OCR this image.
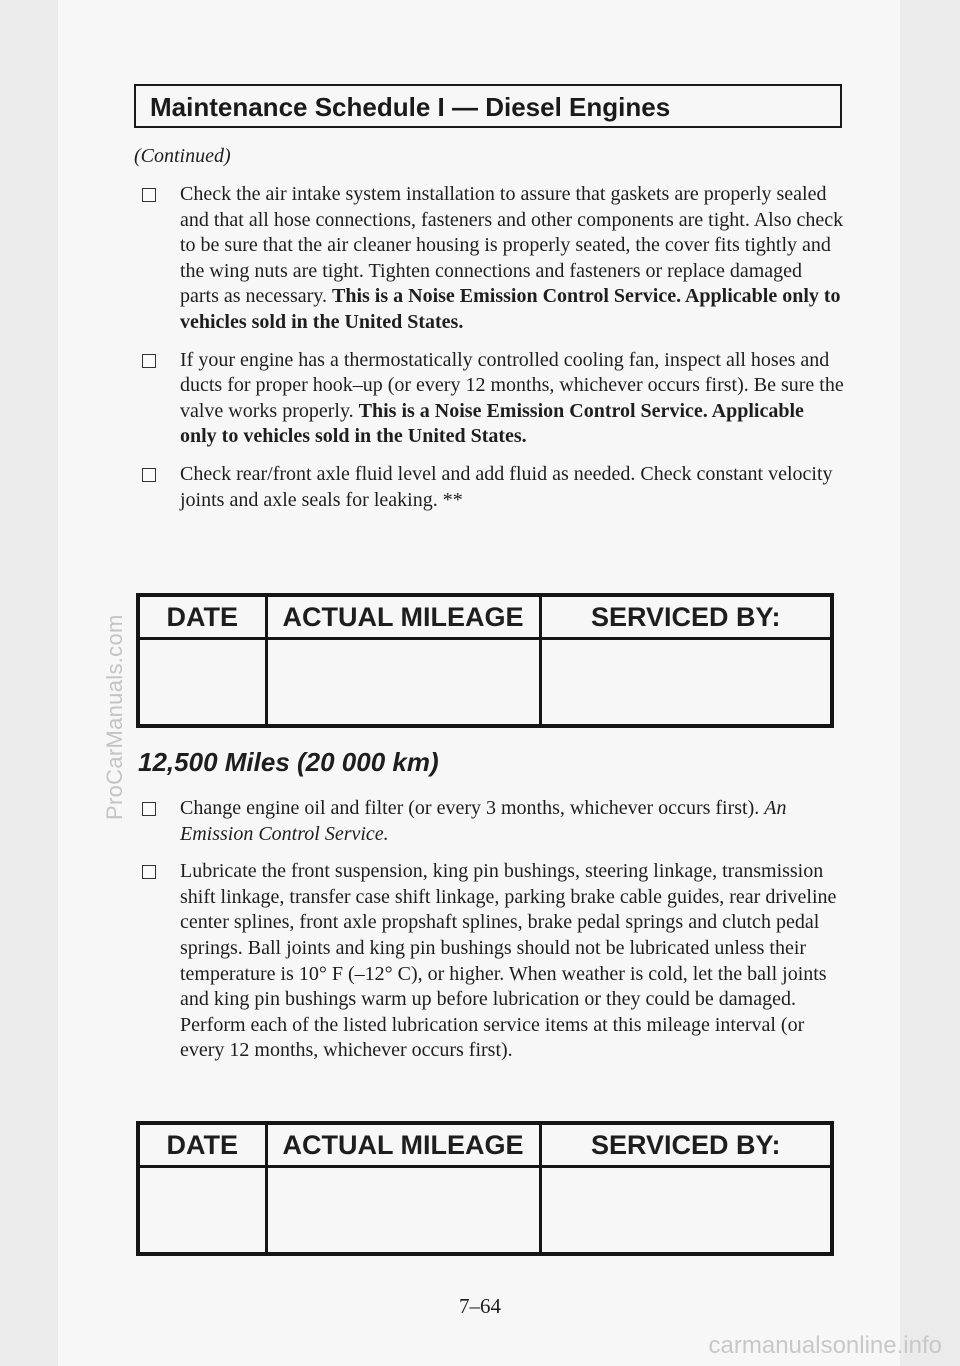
ProCarManuals.com
Maintenance Schedule I — Diesel Engines
(Continued)
Check the air intake system installation to assure that gaskets are properly sealed and that all hose connections, fasteners and other components are tight. Also check to be sure that the air cleaner housing is properly seated, the cover fits tightly and the wing nuts are tight. Tighten connections and fasteners or replace damaged parts as necessary. This is a Noise Emission Control Service. Applicable only to vehicles sold in the United States.
If your engine has a thermostatically controlled cooling fan, inspect all hoses and ducts for proper hook–up (or every 12 months, whichever occurs first). Be sure the valve works properly. This is a Noise Emission Control Service. Applicable only to vehicles sold in the United States.
Check rear/front axle fluid level and add fluid as needed. Check constant velocity joints and axle seals for leaking. **
DATE	ACTUAL MILEAGE	SERVICED BY:

12,500 Miles (20 000 km)
Change engine oil and filter (or every 3 months, whichever occurs first). An Emission Control Service.
Lubricate the front suspension, king pin bushings, steering linkage, transmission shift linkage, transfer case shift linkage, parking brake cable guides, rear driveline center splines, front axle propshaft splines, brake pedal springs and clutch pedal springs. Ball joints and king pin bushings should not be lubricated unless their temperature is 10° F (–12° C), or higher. When weather is cold, let the ball joints and king pin bushings warm up before lubrication or they could be damaged. Perform each of the listed lubrication service items at this mileage interval (or every 12 months, whichever occurs first).
DATE	ACTUAL MILEAGE	SERVICED BY:

7–64
carmanualsonline.info
